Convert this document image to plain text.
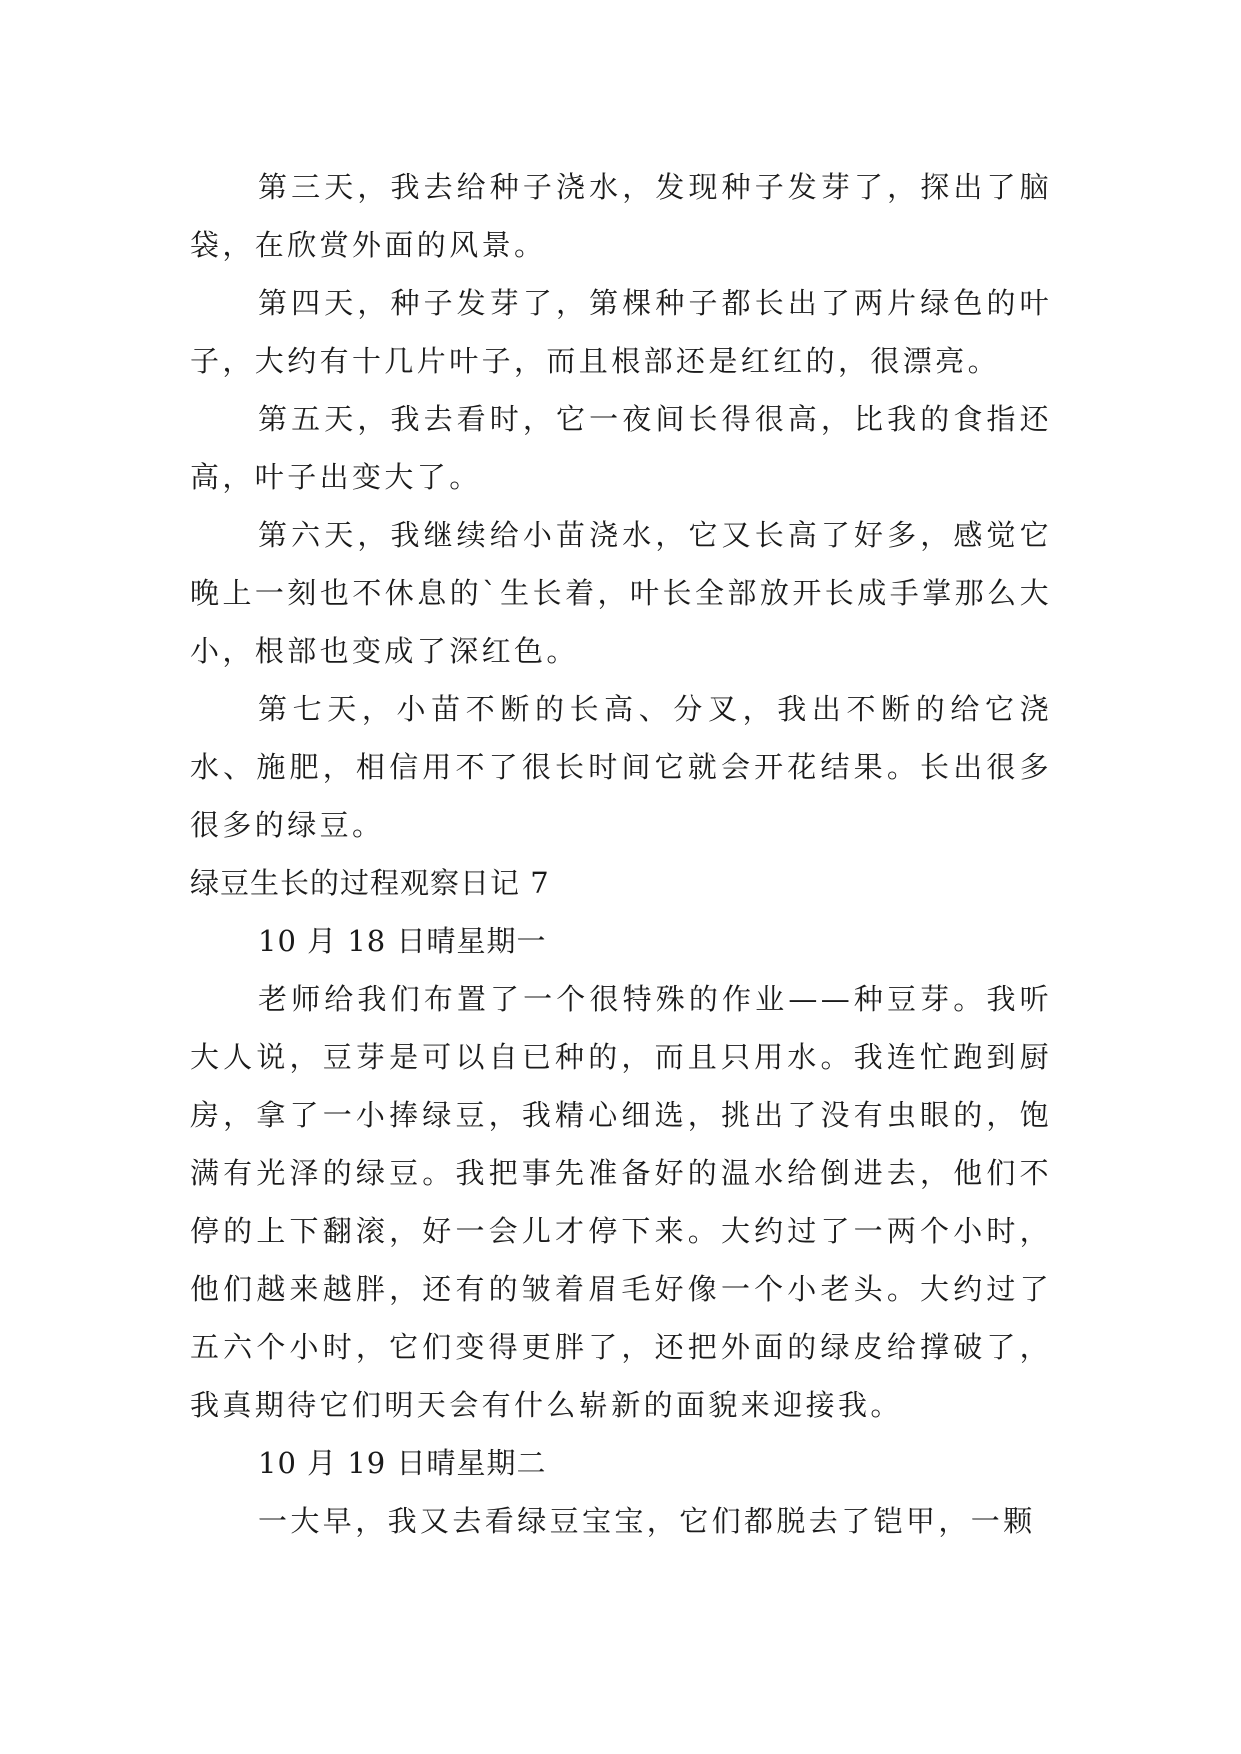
第三天，我去给种子浇水，发现种子发芽了，探出了脑袋，在欣赏外面的风景。

第四天，种子发芽了，第棵种子都长出了两片绿色的叶子，大约有十几片叶子，而且根部还是红红的，很漂亮。

第五天，我去看时，它一夜间长得很高，比我的食指还高，叶子出变大了。

第六天，我继续给小苗浇水，它又长高了好多，感觉它晚上一刻也不休息的`生长着，叶长全部放开长成手掌那么大小，根部也变成了深红色。

第七天，小苗不断的长高、分叉，我出不断的给它浇水、施肥，相信用不了很长时间它就会开花结果。长出很多很多的绿豆。

绿豆生长的过程观察日记 7

10 月 18 日晴星期一

老师给我们布置了一个很特殊的作业——种豆芽。我听大人说，豆芽是可以自已种的，而且只用水。我连忙跑到厨房，拿了一小捧绿豆，我精心细选，挑出了没有虫眼的，饱满有光泽的绿豆。我把事先准备好的温水给倒进去，他们不停的上下翻滚，好一会儿才停下来。大约过了一两个小时，他们越来越胖，还有的皱着眉毛好像一个小老头。大约过了五六个小时，它们变得更胖了，还把外面的绿皮给撑破了，我真期待它们明天会有什么崭新的面貌来迎接我。

10 月 19 日晴星期二

一大早，我又去看绿豆宝宝，它们都脱去了铠甲，一颗
